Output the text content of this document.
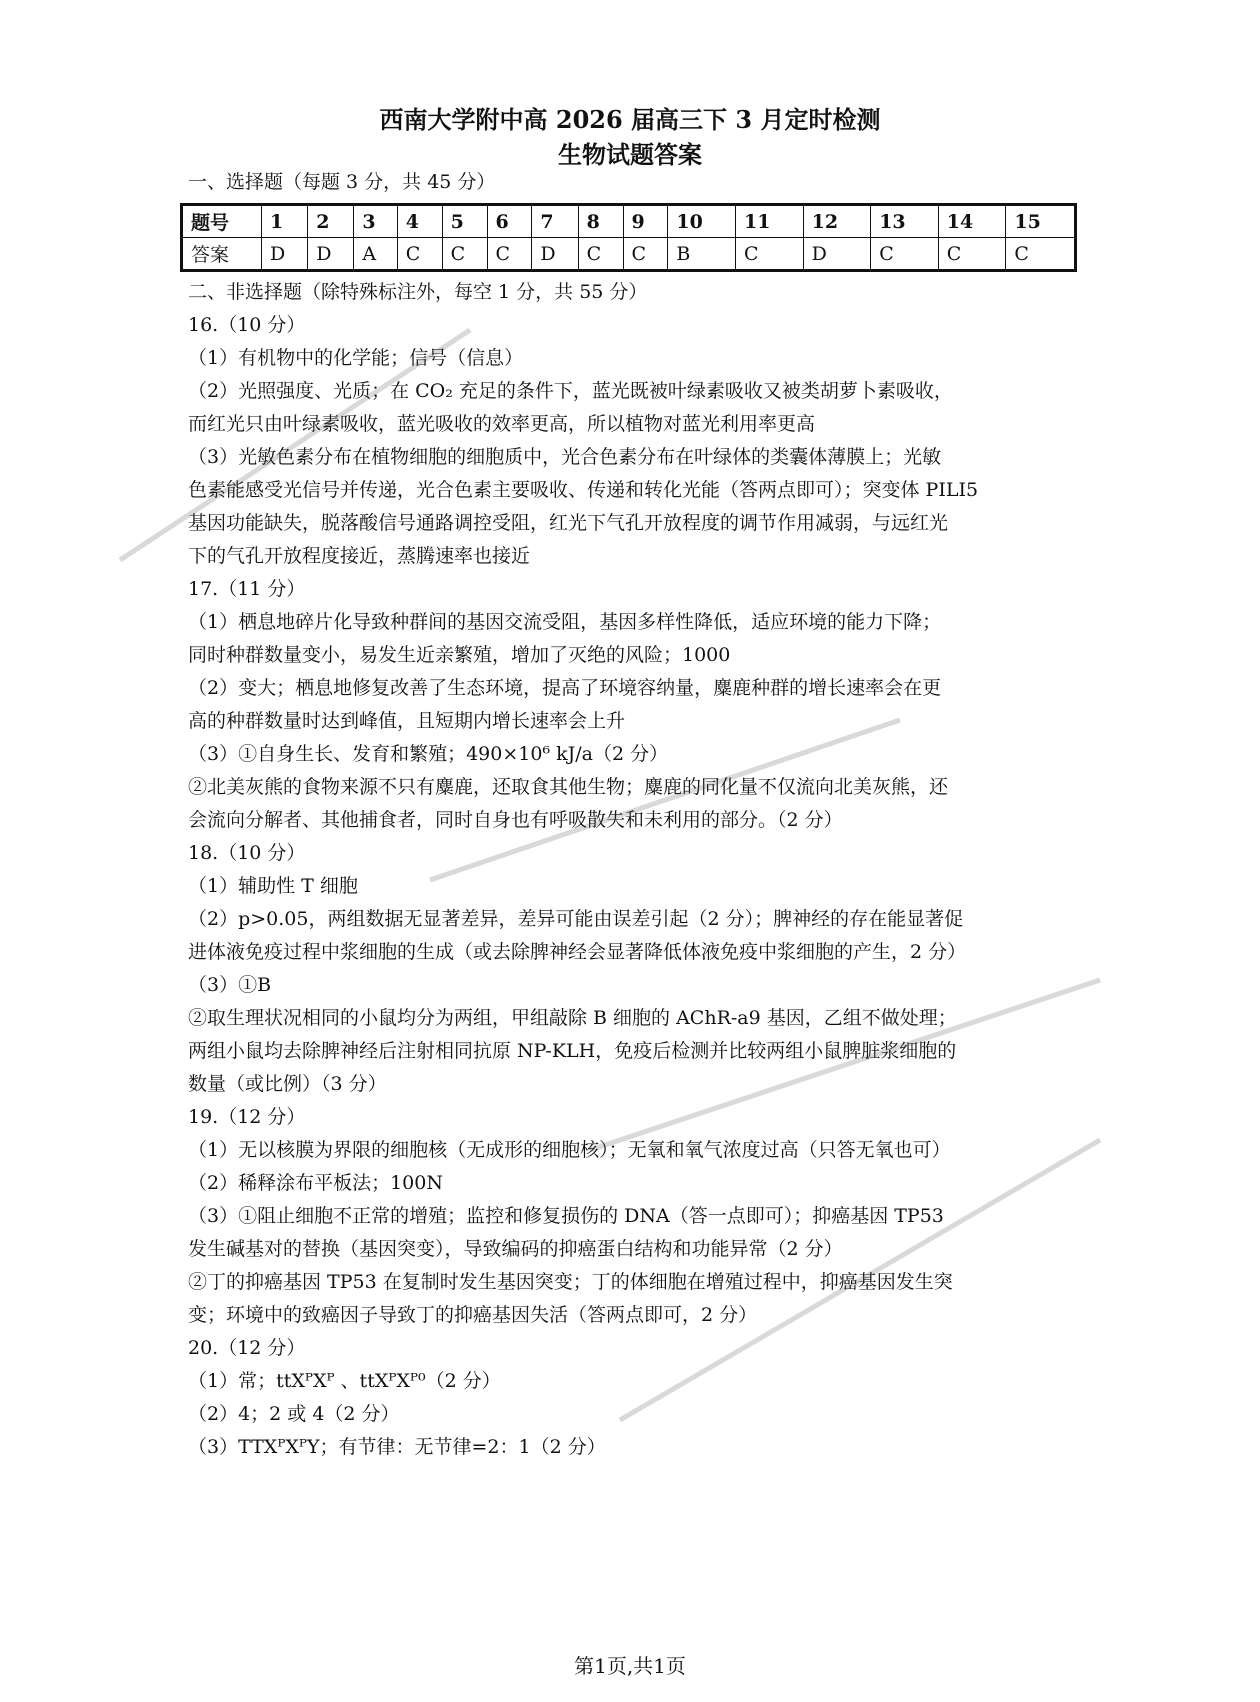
西南大学附中高 2026 届高三下 3 月定时检测
生物试题答案
一、选择题（每题 3 分，共 45 分）
题号	1	2	3	4	5	6	7	8	9	10	11	12	13	14	15
答案	D	D	A	C	C	C	D	C	C	B	C	D	C	C	C
二、非选择题（除特殊标注外，每空 1 分，共 55 分）
16.（10 分）
（1）有机物中的化学能；信号（信息）
（2）光照强度、光质；在 CO₂ 充足的条件下，蓝光既被叶绿素吸收又被类胡萝卜素吸收，
而红光只由叶绿素吸收，蓝光吸收的效率更高，所以植物对蓝光利用率更高
（3）光敏色素分布在植物细胞的细胞质中，光合色素分布在叶绿体的类囊体薄膜上；光敏
色素能感受光信号并传递，光合色素主要吸收、传递和转化光能（答两点即可）；突变体 PILI5
基因功能缺失，脱落酸信号通路调控受阻，红光下气孔开放程度的调节作用减弱，与远红光
下的气孔开放程度接近，蒸腾速率也接近
17.（11 分）
（1）栖息地碎片化导致种群间的基因交流受阻，基因多样性降低，适应环境的能力下降；
同时种群数量变小，易发生近亲繁殖，增加了灭绝的风险；1000
（2）变大；栖息地修复改善了生态环境，提高了环境容纳量，麋鹿种群的增长速率会在更
高的种群数量时达到峰值，且短期内增长速率会上升
（3）①自身生长、发育和繁殖；490×10⁶ kJ/a（2 分）
②北美灰熊的食物来源不只有麋鹿，还取食其他生物；麋鹿的同化量不仅流向北美灰熊，还
会流向分解者、其他捕食者，同时自身也有呼吸散失和未利用的部分。（2 分）
18.（10 分）
（1）辅助性 T 细胞
（2）p>0.05，两组数据无显著差异，差异可能由误差引起（2 分）；脾神经的存在能显著促
进体液免疫过程中浆细胞的生成（或去除脾神经会显著降低体液免疫中浆细胞的产生，2 分）
（3）①B
②取生理状况相同的小鼠均分为两组，甲组敲除 B 细胞的 AChR-a9 基因，乙组不做处理；
两组小鼠均去除脾神经后注射相同抗原 NP-KLH，免疫后检测并比较两组小鼠脾脏浆细胞的
数量（或比例）（3 分）
19.（12 分）
（1）无以核膜为界限的细胞核（无成形的细胞核）；无氧和氧气浓度过高（只答无氧也可）
（2）稀释涂布平板法；100N
（3）①阻止细胞不正常的增殖；监控和修复损伤的 DNA（答一点即可）；抑癌基因 TP53
发生碱基对的替换（基因突变），导致编码的抑癌蛋白结构和功能异常（2 分）
②丁的抑癌基因 TP53 在复制时发生基因突变；丁的体细胞在增殖过程中，抑癌基因发生突
变；环境中的致癌因子导致丁的抑癌基因失活（答两点即可，2 分）
20.（12 分）
（1）常；ttXᴾXᴾ 、ttXᴾXᴾ⁰（2 分）
（2）4；2 或 4（2 分）
（3）TTXᴾXᴾY；有节律：无节律=2：1（2 分）
第1页,共1页
